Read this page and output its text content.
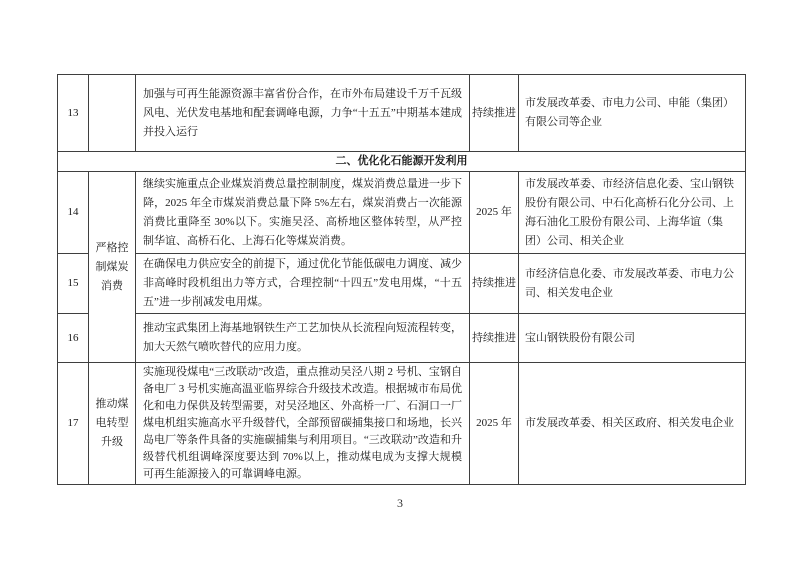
13		加强与可再生能源资源丰富省份合作，在市外布局建设千万千瓦级风电、光伏发电基地和配套调峰电源，力争“十五五”中期基本建成并投入运行	持续推进	市发展改革委、市电力公司、申能（集团）有限公司等企业
二、优化化石能源开发利用				
14	严格控制煤炭消费	继续实施重点企业煤炭消费总量控制制度，煤炭消费总量进一步下降，2025 年全市煤炭消费总量下降 5%左右，煤炭消费占一次能源消费比重降至 30%以下。实施吴泾、高桥地区整体转型，从严控制华谊、高桥石化、上海石化等煤炭消费。	2025 年	市发展改革委、市经济信息化委、宝山钢铁股份有限公司、中石化高桥石化分公司、上海石油化工股份有限公司、上海华谊（集团）公司、相关企业
15		在确保电力供应安全的前提下，通过优化节能低碳电力调度、减少非高峰时段机组出力等方式，合理控制“十四五”发电用煤，“十五五”进一步削减发电用煤。	持续推进	市经济信息化委、市发展改革委、市电力公司、相关发电企业
16		推动宝武集团上海基地钢铁生产工艺加快从长流程向短流程转变，加大天然气喷吹替代的应用力度。	持续推进	宝山钢铁股份有限公司
17	推动煤电转型升级	实施现役煤电“三改联动”改造，重点推动吴泾八期 2 号机、宝钢自备电厂 3 号机实施高温亚临界综合升级技术改造。根据城市布局优化和电力保供及转型需要，对吴泾地区、外高桥一厂、石洞口一厂煤电机组实施高水平升级替代，全部预留碳捕集接口和场地，长兴岛电厂等条件具备的实施碳捕集与利用项目。“三改联动”改造和升级替代机组调峰深度要达到 70%以上，推动煤电成为支撑大规模可再生能源接入的可靠调峰电源。	2025 年	市发展改革委、相关区政府、相关发电企业
3
